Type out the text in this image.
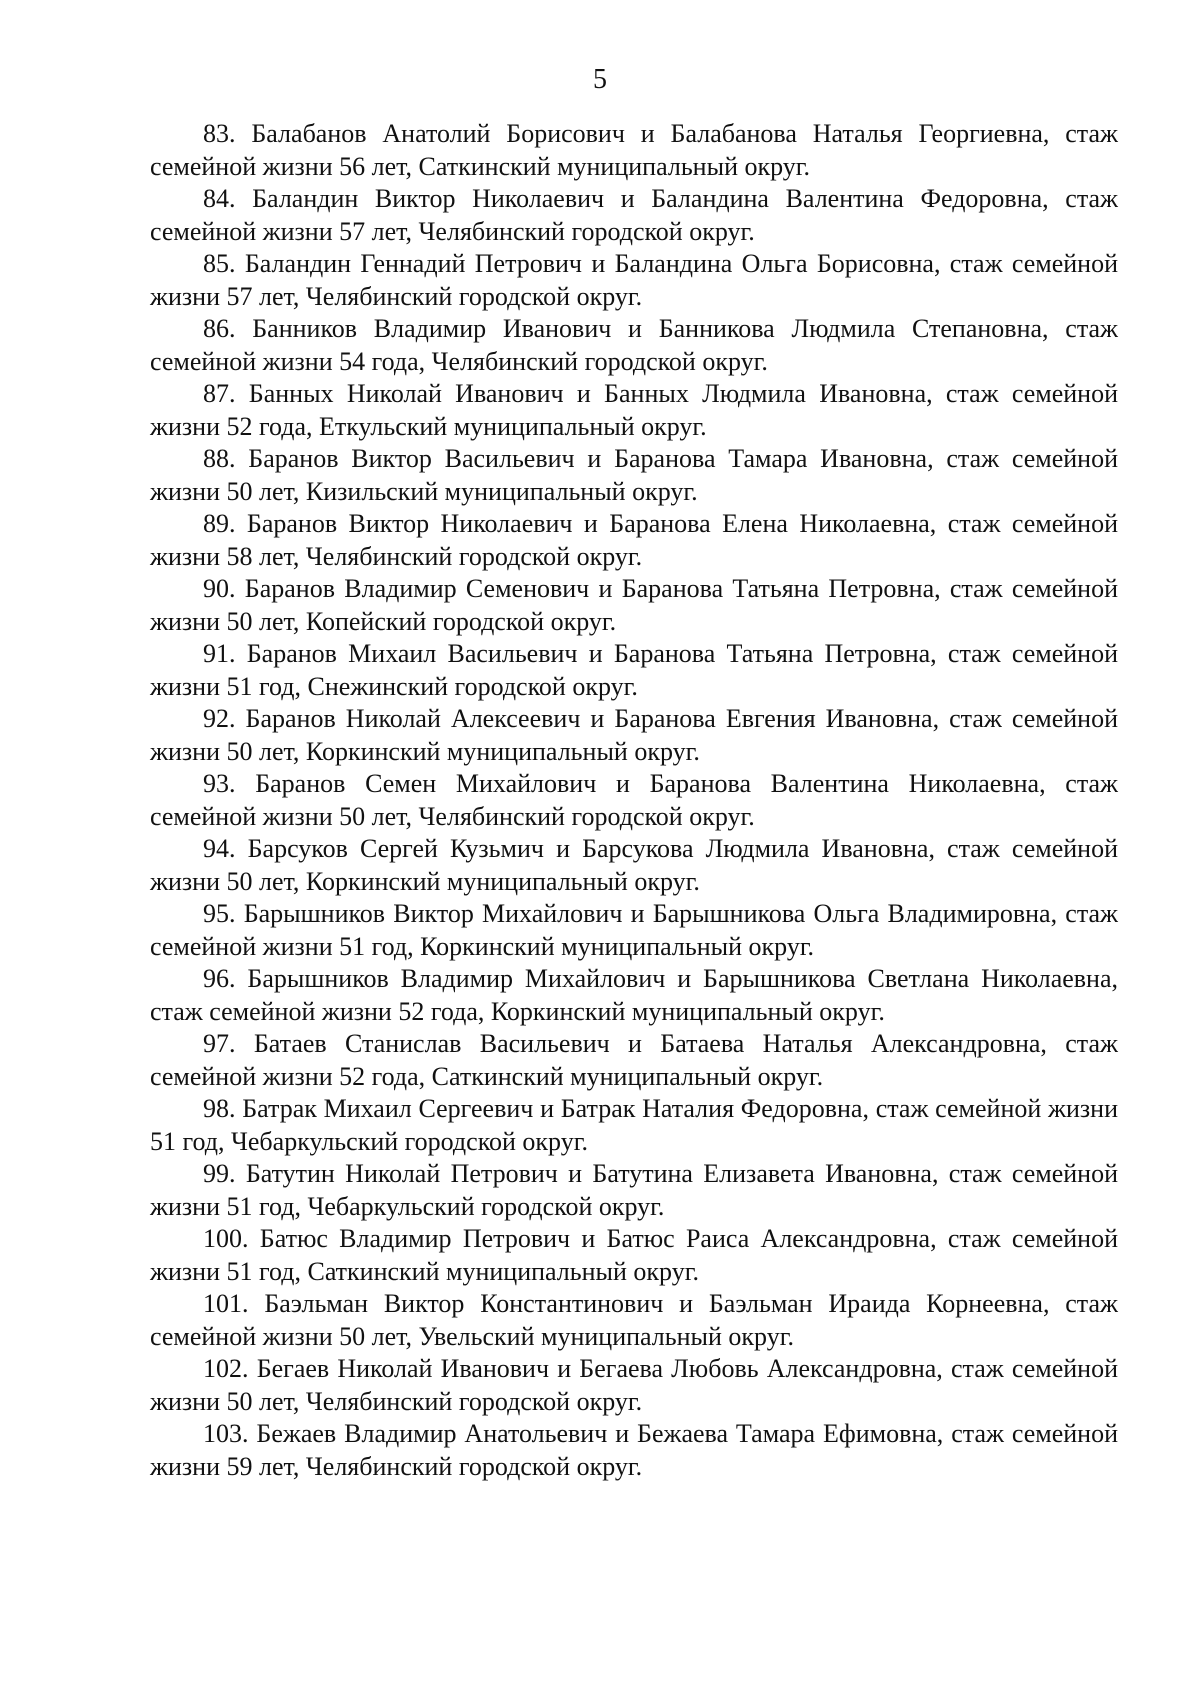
5

83. Балабанов Анатолий Борисович и Балабанова Наталья Георгиевна, стаж семейной жизни 56 лет, Саткинский муниципальный округ.

84. Баландин Виктор Николаевич и Баландина Валентина Федоровна, стаж семейной жизни 57 лет, Челябинский городской округ.

85. Баландин Геннадий Петрович и Баландина Ольга Борисовна, стаж семейной жизни 57 лет, Челябинский городской округ.

86. Банников Владимир Иванович и Банникова Людмила Степановна, стаж семейной жизни 54 года, Челябинский городской округ.

87. Банных Николай Иванович и Банных Людмила Ивановна, стаж семейной жизни 52 года, Еткульский муниципальный округ.

88. Баранов Виктор Васильевич и Баранова Тамара Ивановна, стаж семейной жизни 50 лет, Кизильский муниципальный округ.

89. Баранов Виктор Николаевич и Баранова Елена Николаевна, стаж семейной жизни 58 лет, Челябинский городской округ.

90. Баранов Владимир Семенович и Баранова Татьяна Петровна, стаж семейной жизни 50 лет, Копейский городской округ.

91. Баранов Михаил Васильевич и Баранова Татьяна Петровна, стаж семейной жизни 51 год, Снежинский городской округ.

92. Баранов Николай Алексеевич и Баранова Евгения Ивановна, стаж семейной жизни 50 лет, Коркинский муниципальный округ.

93. Баранов Семен Михайлович и Баранова Валентина Николаевна, стаж семейной жизни 50 лет, Челябинский городской округ.

94. Барсуков Сергей Кузьмич и Барсукова Людмила Ивановна, стаж семейной жизни 50 лет, Коркинский муниципальный округ.

95. Барышников Виктор Михайлович и Барышникова Ольга Владимировна, стаж семейной жизни 51 год, Коркинский муниципальный округ.

96. Барышников Владимир Михайлович и Барышникова Светлана Николаевна, стаж семейной жизни 52 года, Коркинский муниципальный округ.

97. Батаев Станислав Васильевич и Батаева Наталья Александровна, стаж семейной жизни 52 года, Саткинский муниципальный округ.

98. Батрак Михаил Сергеевич и Батрак Наталия Федоровна, стаж семейной жизни 51 год, Чебаркульский городской округ.

99. Батутин Николай Петрович и Батутина Елизавета Ивановна, стаж семейной жизни 51 год, Чебаркульский городской округ.

100. Батюс Владимир Петрович и Батюс Раиса Александровна, стаж семейной жизни 51 год, Саткинский муниципальный округ.

101. Баэльман Виктор Константинович и Баэльман Ираида Корнеевна, стаж семейной жизни 50 лет, Увельский муниципальный округ.

102. Бегаев Николай Иванович и Бегаева Любовь Александровна, стаж семейной жизни 50 лет, Челябинский городской округ.

103. Бежаев Владимир Анатольевич и Бежаева Тамара Ефимовна, стаж семейной жизни 59 лет, Челябинский городской округ.
